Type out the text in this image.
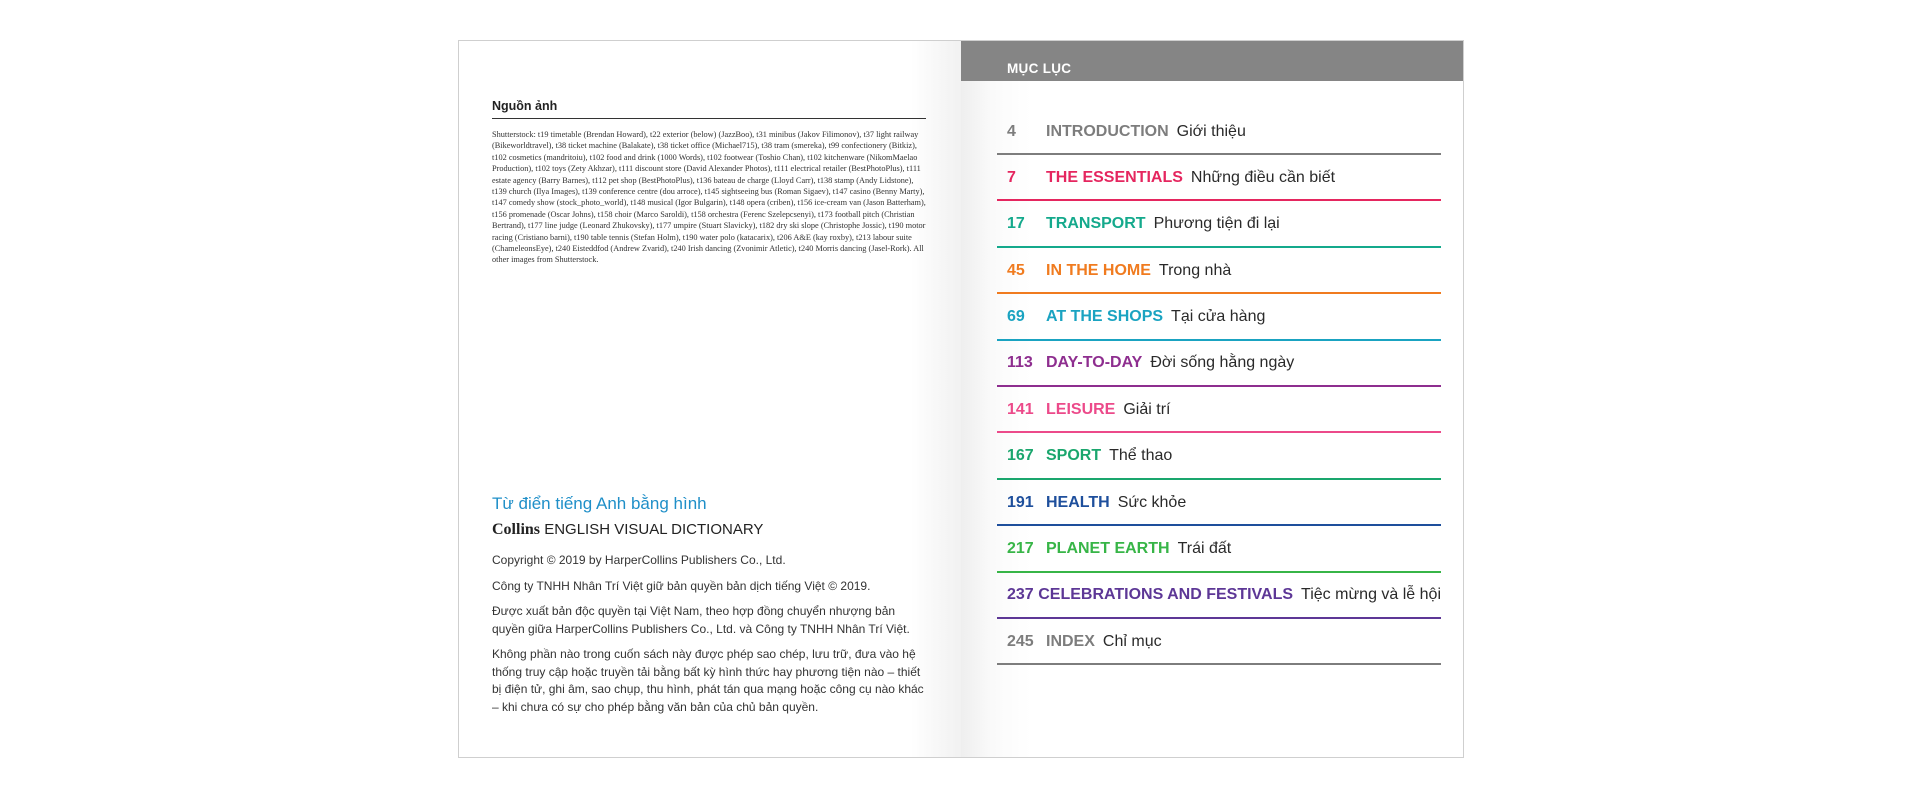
Nguồn ảnh
Shutterstock: t19 timetable (Brendan Howard), t22 exterior (below) (JazzBoo), t31 minibus (Jakov Filimonov), t37 light railway (Bikeworldtravel), t38 ticket machine (Balakate), t38 ticket office (Michael715), t38 tram (smereka), t99 confectionery (Bitkiz), t102 cosmetics (mandritoiu), t102 food and drink (1000 Words), t102 footwear (Toshio Chan), t102 kitchenware (NikomMaelao Production), t102 toys (Zety Akhzar), t111 discount store (David Alexander Photos), t111 electrical retailer (BestPhotoPlus), t111 estate agency (Barry Barnes), t112 pet shop (BestPhotoPlus), t136 bateau de charge (Lloyd Carr), t138 stamp (Andy Lidstone), t139 church (Ilya Images), t139 conference centre (dou arroce), t145 sightseeing bus (Roman Sigaev), t147 casino (Benny Marty), t147 comedy show (stock_photo_world), t148 musical (Igor Bulgarin), t148 opera (criben), t156 ice-cream van (Jason Batterham), t156 promenade (Oscar Johns), t158 choir (Marco Saroldi), t158 orchestra (Ferenc Szelepcsenyi), t173 football pitch (Christian Bertrand), t177 line judge (Leonard Zhukovsky), t177 umpire (Stuart Slavicky), t182 dry ski slope (Christophe Jossic), t190 motor racing (Cristiano barni), t190 table tennis (Stefan Holm), t190 water polo (katacarix), t206 A&E (kay roxby), t213 labour suite (ChameleonsEye), t240 Eisteddfod (Andrew Zvarid), t240 Irish dancing (Zvonimir Atletic), t240 Morris dancing (Jasel-Rork). All other images from Shutterstock.
Từ điển tiếng Anh bằng hình
Collins ENGLISH VISUAL DICTIONARY

Copyright © 2019 by HarperCollins Publishers Co., Ltd.

Công ty TNHH Nhân Trí Việt giữ bản quyền bản dịch tiếng Việt © 2019.

Được xuất bản độc quyền tại Việt Nam, theo hợp đồng chuyển nhượng bản quyền giữa HarperCollins Publishers Co., Ltd. và Công ty TNHH Nhân Trí Việt.

Không phần nào trong cuốn sách này được phép sao chép, lưu trữ, đưa vào hệ thống truy cập hoặc truyền tải bằng bất kỳ hình thức hay phương tiện nào – thiết bị điện tử, ghi âm, sao chụp, thu hình, phát tán qua mạng hoặc công cụ nào khác – khi chưa có sự cho phép bằng văn bản của chủ bản quyền.

MỤC LỤC
4	INTRODUCTION Giới thiệu
7	THE ESSENTIALS Những điều cần biết
17	TRANSPORT Phương tiện đi lại
45	IN THE HOME Trong nhà
69	AT THE SHOPS Tại cửa hàng
113 DAY-TO-DAY Đời sống hằng ngày
141 LEISURE Giải trí
167 SPORT Thể thao
191 HEALTH Sức khỏe
217 PLANET EARTH Trái đất
237 CELEBRATIONS AND FESTIVALS Tiệc mừng và lễ hội
245 INDEX Chỉ mục
